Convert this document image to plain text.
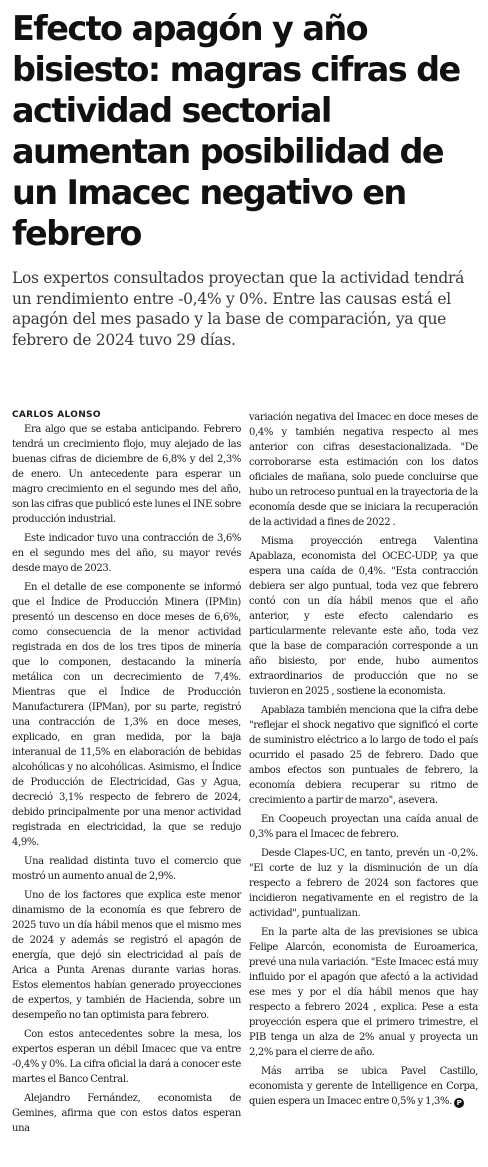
Efecto apagón y año bisiesto: magras cifras de actividad sectorial aumentan posibilidad de un Imacec negativo en febrero

Los expertos consultados proyectan que la actividad tendrá un rendimiento entre -0,4% y 0%. Entre las causas está el apagón del mes pasado y la base de comparación, ya que febrero de 2024 tuvo 29 días.

CARLOS ALONSO

Era algo que se estaba anticipando. Febrero tendrá un crecimiento flojo, muy alejado de las buenas cifras de diciembre de 6,8% y del 2,3% de enero. Un antecedente para esperar un magro crecimiento en el segundo mes del año, son las cifras que publicó este lunes el INE sobre producción industrial.

Este indicador tuvo una contracción de 3,6% en el segundo mes del año, su mayor revés desde mayo de 2023.

En el detalle de ese componente se informó que el Índice de Producción Minera (IPMin) presentó un descenso en doce meses de 6,6%, como consecuencia de la menor actividad registrada en dos de los tres tipos de minería que lo componen, destacando la minería metálica con un decrecimiento de 7,4%. Mientras que el Índice de Producción Manufacturera (IPMan), por su parte, registró una contracción de 1,3% en doce meses, explicado, en gran medida, por la baja interanual de 11,5% en elaboración de bebidas alcohólicas y no alcohólicas. Asimismo, el Índice de Producción de Electricidad, Gas y Agua, decreció 3,1% respecto de febrero de 2024, debido principalmente por una menor actividad registrada en electricidad, la que se redujo 4,9%.

Una realidad distinta tuvo el comercio que mostró un aumento anual de 2,9%.

Uno de los factores que explica este menor dinamismo de la economía es que febrero de 2025 tuvo un día hábil menos que el mismo mes de 2024 y además se registró el apagón de energía, que dejó sin electricidad al país de Arica a Punta Arenas durante varias horas. Estos elementos habían generado proyecciones de expertos, y también de Hacienda, sobre un desempeño no tan optimista para febrero.

Con estos antecedentes sobre la mesa, los expertos esperan un débil Imacec que va entre -0,4% y 0%. La cifra oficial la dará a conocer este martes el Banco Central.

Alejandro Fernández, economista de Gemines, afirma que con estos datos esperan una

variación negativa del Imacec en doce meses de 0,4% y también negativa respecto al mes anterior con cifras desestacionalizada. "De corroborarse esta estimación con los datos oficiales de mañana, solo puede concluirse que hubo un retroceso puntual en la trayectoria de la economía desde que se iniciara la recuperación de la actividad a fines de 2022 .

Misma proyección entrega Valentina Apablaza, economista del OCEC-UDP, ya que espera una caída de 0,4%. "Esta contracción debiera ser algo puntual, toda vez que febrero contó con un día hábil menos que el año anterior, y este efecto calendario es particularmente relevante este año, toda vez que la base de comparación corresponde a un año bisiesto, por ende, hubo aumentos extraordinarios de producción que no se tuvieron en 2025 , sostiene la economista.

Apablaza también menciona que la cifra debe "reflejar el shock negativo que significó el corte de suministro eléctrico a lo largo de todo el país ocurrido el pasado 25 de febrero. Dado que ambos efectos son puntuales de febrero, la economía debiera recuperar su ritmo de crecimiento a partir de marzo", asevera.

En Coopeuch proyectan una caída anual de 0,3% para el Imacec de febrero.

Desde Clapes-UC, en tanto, prevén un -0,2%. "El corte de luz y la disminución de un día respecto a febrero de 2024 son factores que incidieron negativamente en el registro de la actividad", puntualizan.

En la parte alta de las previsiones se ubica Felipe Alarcón, economista de Euroamerica, prevé una nula variación. "Este Imacec está muy influido por el apagón que afectó a la actividad ese mes y por el día hábil menos que hay respecto a febrero 2024 , explica. Pese a esta proyección espera que el primero trimestre, el PIB tenga un alza de 2% anual y proyecta un 2,2% para el cierre de año.

Más arriba se ubica Pavel Castillo, economista y gerente de Intelligence en Corpa, quien espera un Imacec entre 0,5% y 1,3%. P
